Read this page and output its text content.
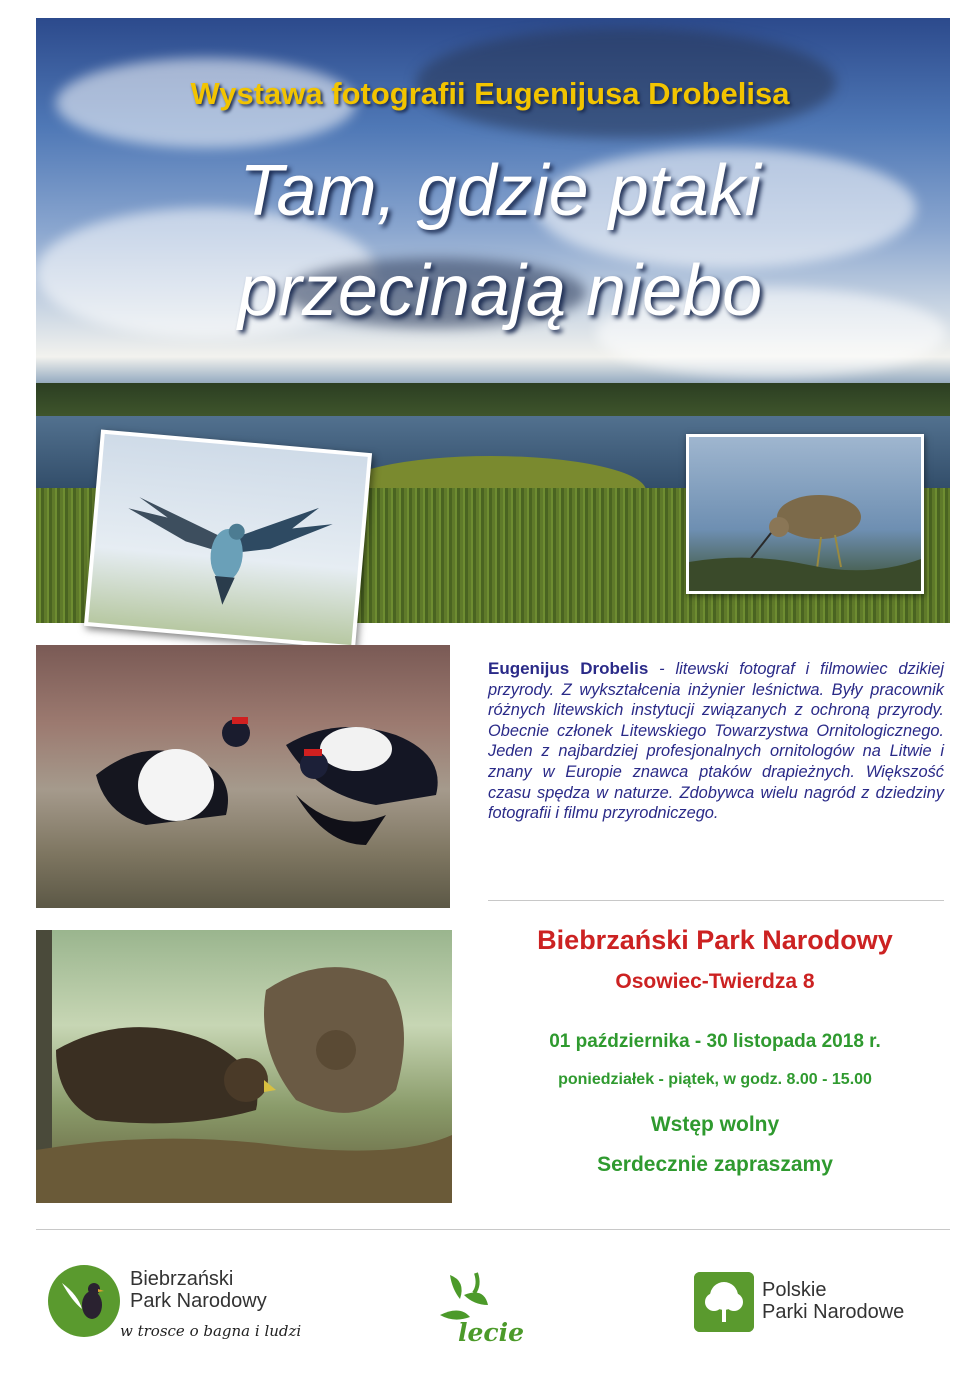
Wystawa fotografii Eugenijusa Drobelisa
Tam, gdzie ptaki
przecinają niebo
Eugenijus Drobelis - litewski fotograf i filmowiec dzikiej przyrody. Z wykształcenia inżynier leśnictwa. Były pracownik różnych litewskich instytucji związanych z ochroną przyrody. Obecnie członek Litewskiego Towarzystwa Ornitologicznego. Jeden z najbardziej profesjonalnych ornitologów na Litwie i znany w Europie znawca ptaków drapieżnych. Większość czasu spędza w naturze. Zdobywca wielu nagród z dziedziny fotografii i filmu przyrodniczego.
Biebrzański Park Narodowy
Osowiec-Twierdza 8
01 października - 30 listopada 2018 r.
poniedziałek - piątek, w godz. 8.00 - 15.00
Wstęp wolny
Serdecznie zapraszamy
Biebrzański
Park Narodowy
w trosce o bagna i ludzi	lecie
Polskie
Parki Narodowe
